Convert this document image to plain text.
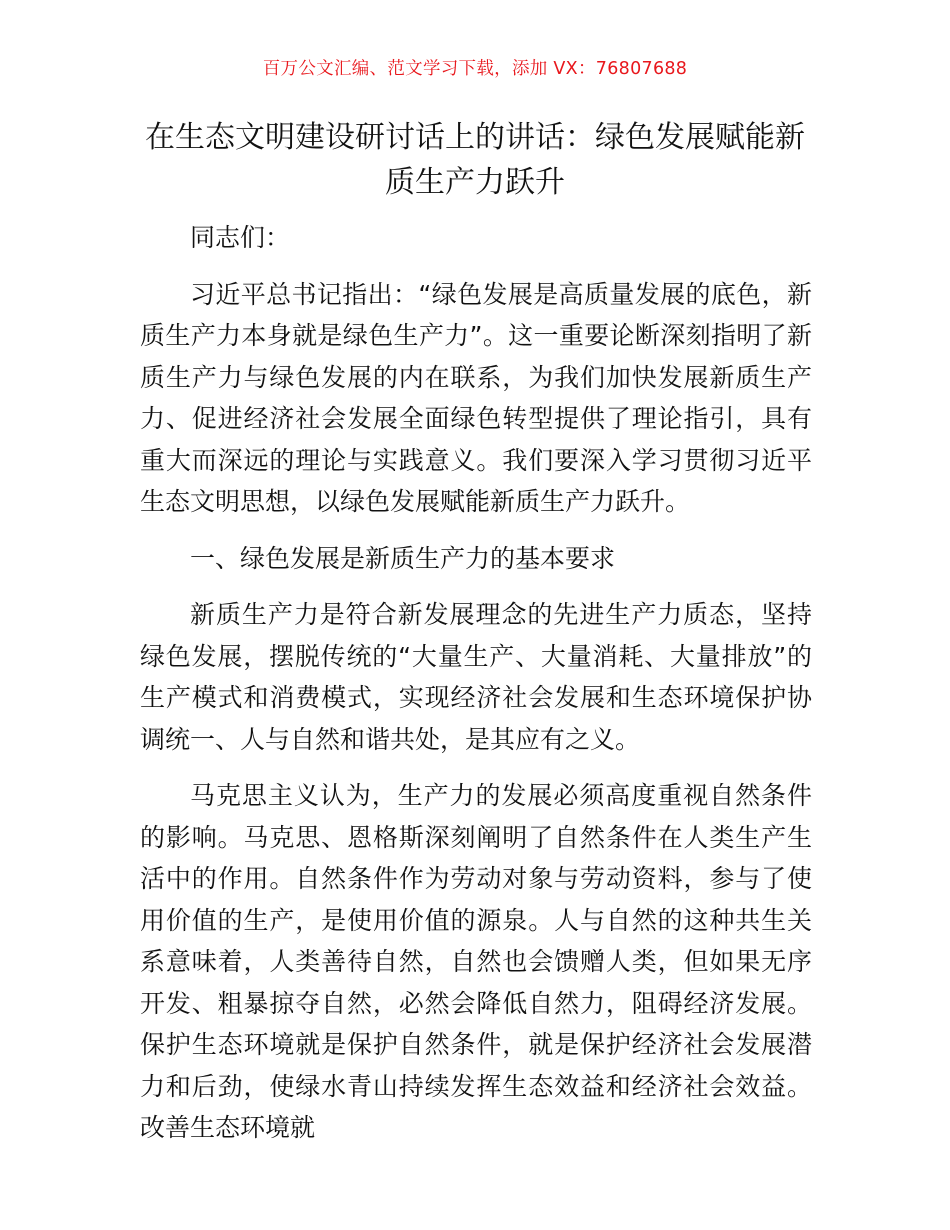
百万公文汇编、范文学习下载，添加 VX：76807688
在生态文明建设研讨话上的讲话：绿色发展赋能新质生产力跃升

同志们：

习近平总书记指出：“绿色发展是高质量发展的底色，新质生产力本身就是绿色生产力”。这一重要论断深刻指明了新质生产力与绿色发展的内在联系，为我们加快发展新质生产力、促进经济社会发展全面绿色转型提供了理论指引，具有重大而深远的理论与实践意义。我们要深入学习贯彻习近平生态文明思想，以绿色发展赋能新质生产力跃升。

一、绿色发展是新质生产力的基本要求

新质生产力是符合新发展理念的先进生产力质态，坚持绿色发展，摆脱传统的“大量生产、大量消耗、大量排放”的生产模式和消费模式，实现经济社会发展和生态环境保护协调统一、人与自然和谐共处，是其应有之义。

马克思主义认为，生产力的发展必须高度重视自然条件的影响。马克思、恩格斯深刻阐明了自然条件在人类生产生活中的作用。自然条件作为劳动对象与劳动资料，参与了使用价值的生产，是使用价值的源泉。人与自然的这种共生关系意味着，人类善待自然，自然也会馈赠人类，但如果无序开发、粗暴掠夺自然，必然会降低自然力，阻碍经济发展。保护生态环境就是保护自然条件，就是保护经济社会发展潜力和后劲，使绿水青山持续发挥生态效益和经济社会效益。改善生态环境就
